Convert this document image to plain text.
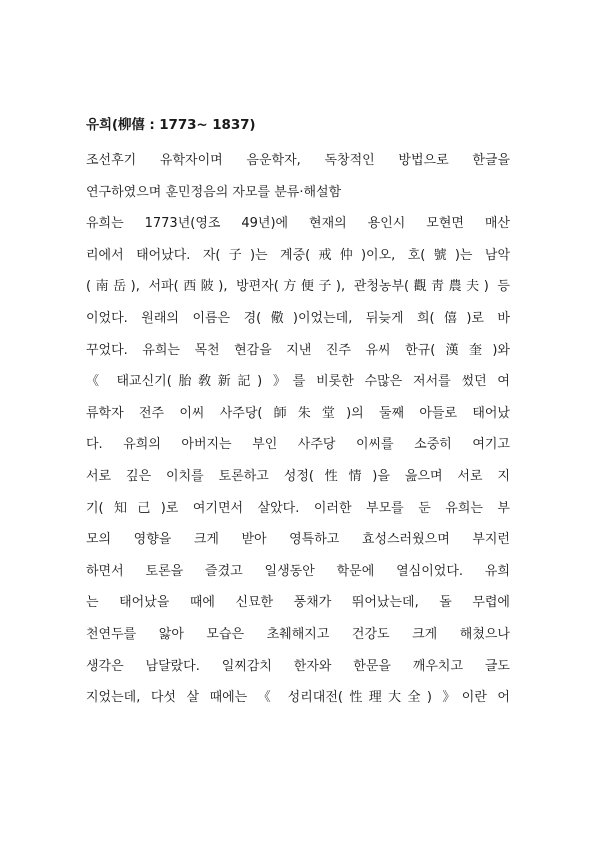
유희(柳僖 : 1773~ 1837)
조선후기 유학자이며 음운학자, 독창적인 방법으로 한글을
연구하였으며 훈민정음의 자모를 분류·해설함
유희는 1773년(영조 49년)에 현재의 용인시 모현면 매산
리에서 태어났다. 자(子)는 계중(戒仲)이오, 호(號)는 남악
(南岳), 서파(西陂), 방편자(方便子), 관청농부(觀靑農夫) 등
이었다. 원래의 이름은 경(儆)이었는데, 뒤늦게 희(僖)로 바
꾸었다. 유희는 목천 현감을 지낸 진주 유씨 한규(漢奎)와
《 태교신기(胎敎新記) 》를 비롯한 수많은 저서를 썼던 여
류학자 전주 이씨 사주당(師朱堂)의 둘째 아들로 태어났
다. 유희의 아버지는 부인 사주당 이씨를 소중히 여기고
서로 깊은 이치를 토론하고 성정(性情)을 읊으며 서로 지
기(知己)로 여기면서 살았다. 이러한 부모를 둔 유희는 부
모의 영향을 크게 받아 영특하고 효성스러웠으며 부지런
하면서 토론을 즐겼고 일생동안 학문에 열심이었다. 유희
는 태어났을 때에 신묘한 풍채가 뛰어났는데, 돌 무렵에
천연두를 앓아 모습은 초췌해지고 건강도 크게 해쳤으나
생각은 남달랐다. 일찌감치 한자와 한문을 깨우치고 글도
지었는데, 다섯 살 때에는 《 성리대전(性理大全) 》이란 어
